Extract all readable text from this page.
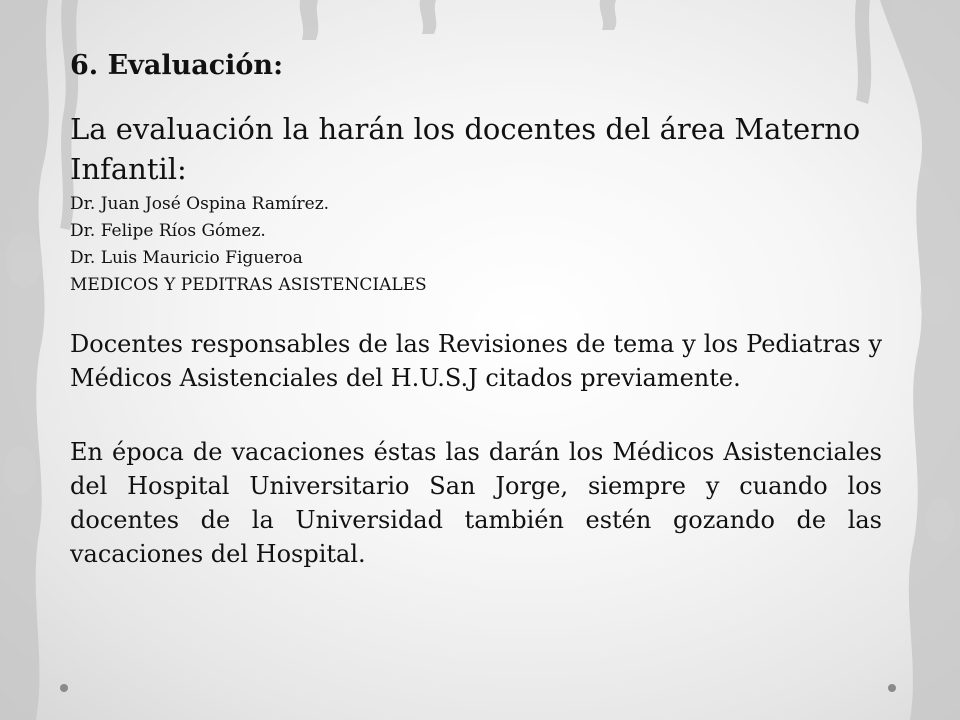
6. Evaluación:
La evaluación la harán los docentes del área Materno Infantil:
Dr. Juan José Ospina Ramírez.
Dr. Felipe Ríos Gómez.
Dr. Luis Mauricio Figueroa
MEDICOS Y PEDITRAS ASISTENCIALES
Docentes responsables de las Revisiones de tema y los Pediatras y Médicos Asistenciales del H.U.S.J citados previamente.
En época de vacaciones éstas las darán los Médicos Asistenciales del Hospital Universitario San Jorge, siempre y cuando los docentes de la Universidad también estén gozando de las vacaciones del Hospital.
